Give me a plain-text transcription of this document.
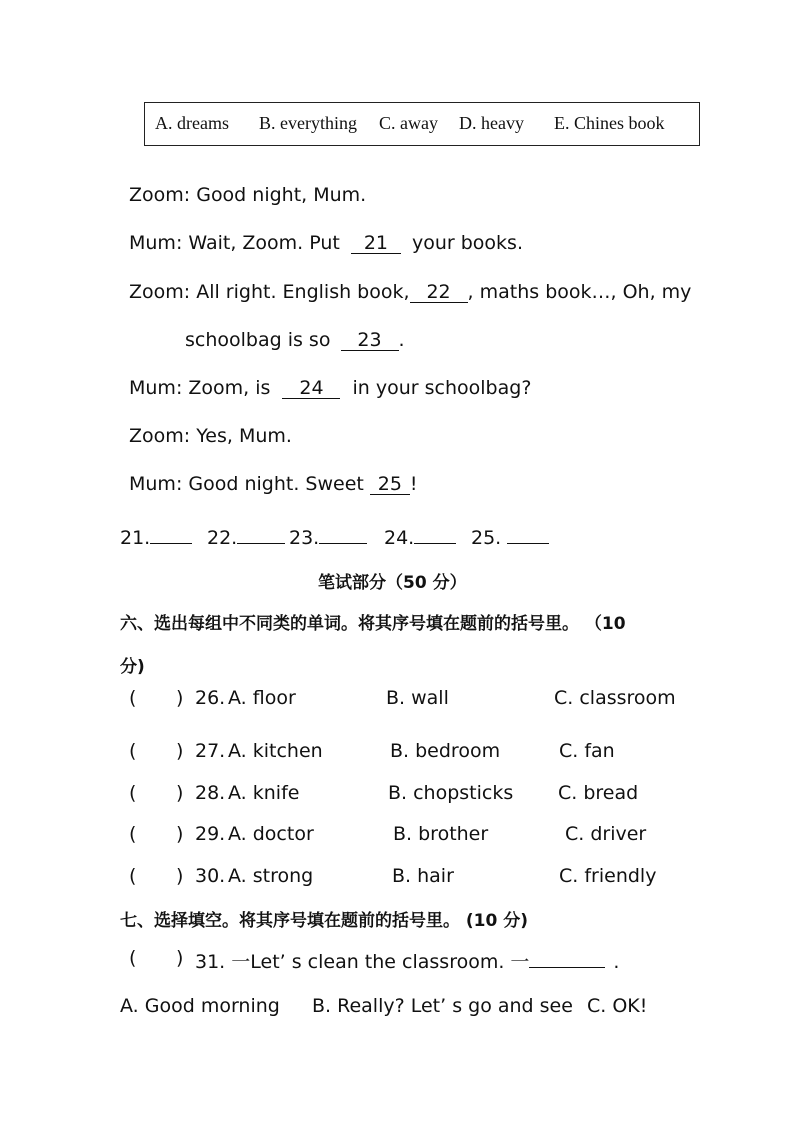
A. dreams B. everything C. away D. heavy E. Chines book
Zoom: Good night, Mum.
Mum: Wait, Zoom. Put 21 your books.
Zoom: All right. English book, 22 , maths book…, Oh, my
schoolbag is so 23 .
Mum: Zoom, is 24 in your schoolbag?
Zoom: Yes, Mum.
Mum: Good night. Sweet 25 !
21.	22.	23.	24.	25.
笔试部分（50 分）
六、选出每组中不同类的单词。将其序号填在题前的括号里。 （10
分)
( ) 26. A. floor	B. wall	C. classroom
( ) 27. A. kitchen	B. bedroom	C. fan
( ) 28. A. knife	B. chopsticks C. bread
( ) 29. A. doctor	B. brother	C. driver
( ) 30. A. strong	B. hair	C. friendly
七、选择填空。将其序号填在题前的括号里。 (10 分)
( ) 31. 一Let’ s clean the classroom. 一	.
A. Good morning B. Really? Let’ s go and see C. OK!
